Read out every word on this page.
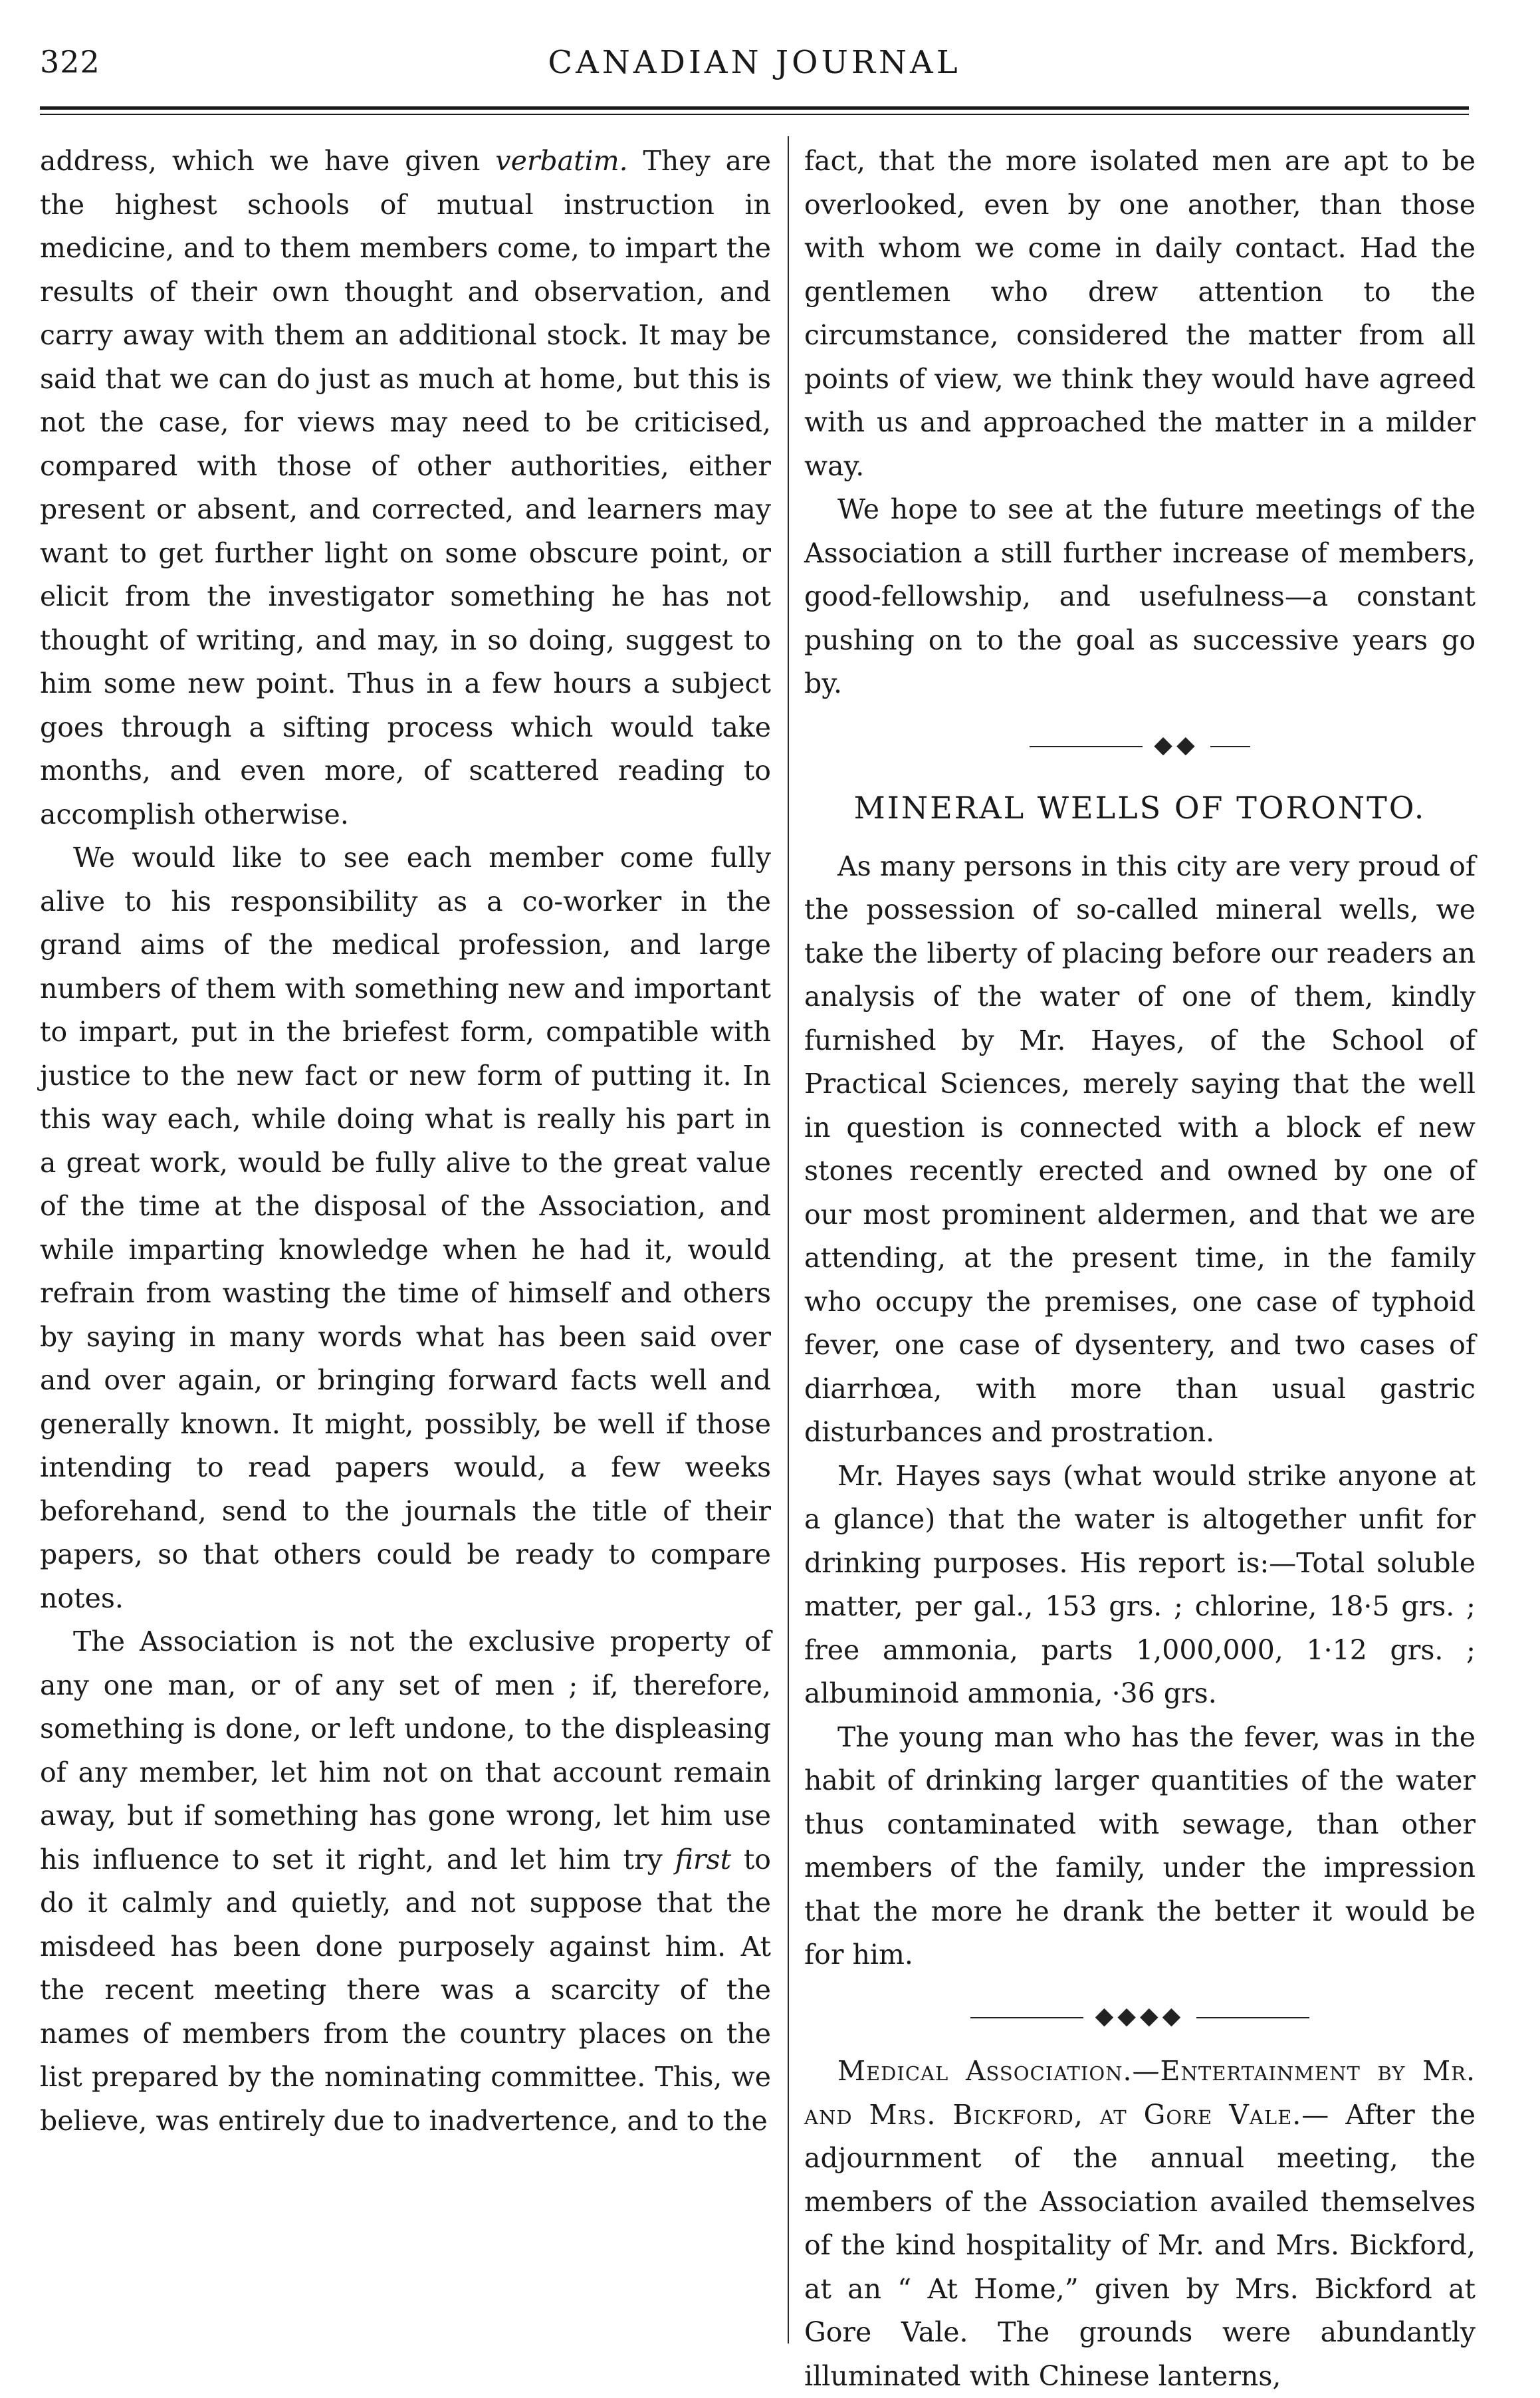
322	CANADIAN JOURNAL

address, which we have given verbatim. They are the highest schools of mutual instruction in medicine, and to them members come, to impart the results of their own thought and observation, and carry away with them an additional stock. It may be said that we can do just as much at home, but this is not the case, for views may need to be criticised, compared with those of other authorities, either present or absent, and corrected, and learners may want to get further light on some obscure point, or elicit from the investigator something he has not thought of writing, and may, in so doing, suggest to him some new point. Thus in a few hours a subject goes through a sifting process which would take months, and even more, of scattered reading to accomplish otherwise.

We would like to see each member come fully alive to his responsibility as a co-worker in the grand aims of the medical profession, and large numbers of them with something new and important to impart, put in the briefest form, compatible with justice to the new fact or new form of putting it. In this way each, while doing what is really his part in a great work, would be fully alive to the great value of the time at the disposal of the Association, and while imparting knowledge when he had it, would refrain from wasting the time of himself and others by saying in many words what has been said over and over again, or bringing forward facts well and generally known. It might, possibly, be well if those intending to read papers would, a few weeks beforehand, send to the journals the title of their papers, so that others could be ready to compare notes.

The Association is not the exclusive property of any one man, or of any set of men ; if, therefore, something is done, or left undone, to the displeasing of any member, let him not on that account remain away, but if something has gone wrong, let him use his influence to set it right, and let him try first to do it calmly and quietly, and not suppose that the misdeed has been done purposely against him. At the recent meeting there was a scarcity of the names of members from the country places on the list prepared by the nominating committee. This, we believe, was entirely due to inadvertence, and to the

fact, that the more isolated men are apt to be overlooked, even by one another, than those with whom we come in daily contact. Had the gentlemen who drew attention to the circumstance, considered the matter from all points of view, we think they would have agreed with us and approached the matter in a milder way.

We hope to see at the future meetings of the Association a still further increase of members, good-fellowship, and usefulness—a constant pushing on to the goal as successive years go by.

◆◆
MINERAL WELLS OF TORONTO.

As many persons in this city are very proud of the possession of so-called mineral wells, we take the liberty of placing before our readers an analysis of the water of one of them, kindly furnished by Mr. Hayes, of the School of Practical Sciences, merely saying that the well in question is connected with a block ef new stones recently erected and owned by one of our most prominent aldermen, and that we are attending, at the present time, in the family who occupy the premises, one case of typhoid fever, one case of dysentery, and two cases of diarrhœa, with more than usual gastric disturbances and prostration.

Mr. Hayes says (what would strike anyone at a glance) that the water is altogether unfit for drinking purposes. His report is:—Total soluble matter, per gal., 153 grs. ; chlorine, 18·5 grs. ; free ammonia, parts 1,000,000, 1·12 grs. ; albuminoid ammonia, ·36 grs.

The young man who has the fever, was in the habit of drinking larger quantities of the water thus contaminated with sewage, than other members of the family, under the impression that the more he drank the better it would be for him.

◆◆◆◆

Medical Association.—Entertainment by Mr. and Mrs. Bickford, at Gore Vale.— After the adjournment of the annual meeting, the members of the Association availed themselves of the kind hospitality of Mr. and Mrs. Bickford, at an “ At Home,” given by Mrs. Bickford at Gore Vale. The grounds were abundantly illuminated with Chinese lanterns,
